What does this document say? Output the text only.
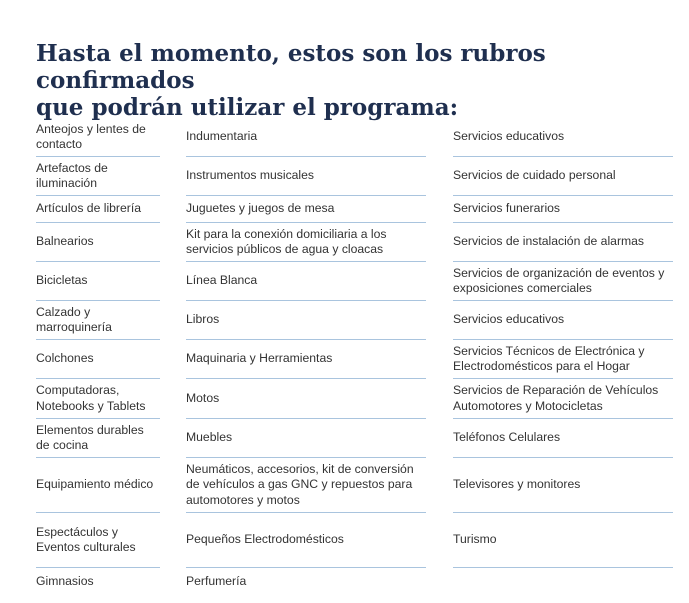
Hasta el momento, estos son los rubros confirmados
que podrán utilizar el programa:
Anteojos y lentes de contacto
Artefactos de iluminación
Artículos de librería
Balnearios
Bicicletas
Calzado y marroquinería
Colchones
Computadoras, Notebooks y Tablets
Elementos durables de cocina
Equipamiento médico
Espectáculos y Eventos culturales
Gimnasios
Indumentaria
Instrumentos musicales
Juguetes y juegos de mesa
Kit para la conexión domiciliaria a los servicios públicos de agua y cloacas
Línea Blanca
Libros
Maquinaria y Herramientas
Motos
Muebles
Neumáticos, accesorios, kit de conversión de vehículos a gas GNC y repuestos para automotores y motos
Pequeños Electrodomésticos
Perfumería
Servicios educativos
Servicios de cuidado personal
Servicios funerarios
Servicios de instalación de alarmas
Servicios de organización de eventos y exposiciones comerciales
Servicios educativos
Servicios Técnicos de Electrónica y Electrodomésticos para el Hogar
Servicios de Reparación de Vehículos Automotores y Motocicletas
Teléfonos Celulares
Televisores y monitores
Turismo
